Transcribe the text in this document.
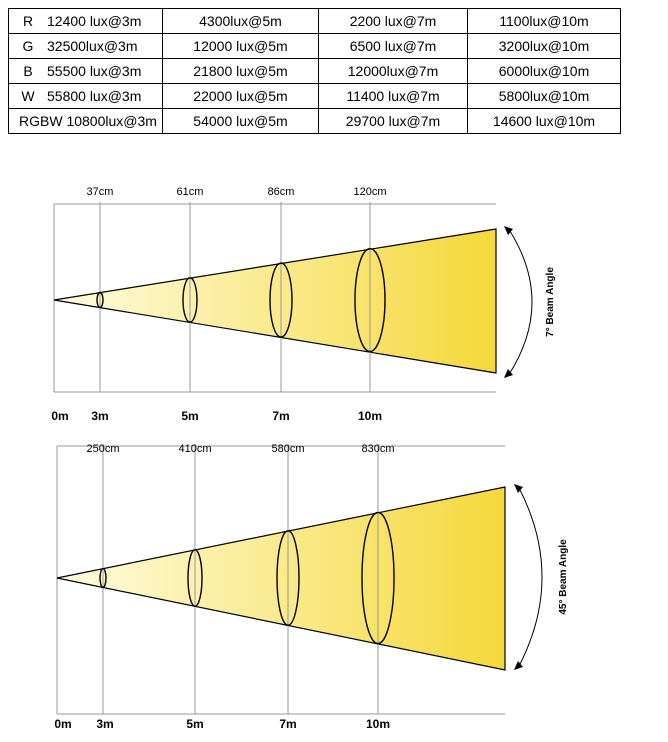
R 12400 lux@3m	4300lux@5m	2200 lux@7m	1100lux@10m
G 32500lux@3m	12000 lux@5m	6500 lux@7m	3200lux@10m
B 55500 lux@3m	21800 lux@5m	12000lux@7m	6000lux@10m
W 55800 lux@3m	22000 lux@5m	11400 lux@7m	5800lux@10m
RGBW 10800lux@3m	54000 lux@5m	29700 lux@7m	14600 lux@10m
37cm	61cm	86cm	120cm
0m 3m	5m	7m	10m
7° Beam Angle
250cm	410cm	580cm	830cm
0m 3m	5m	7m	10m
45° Beam Angle
